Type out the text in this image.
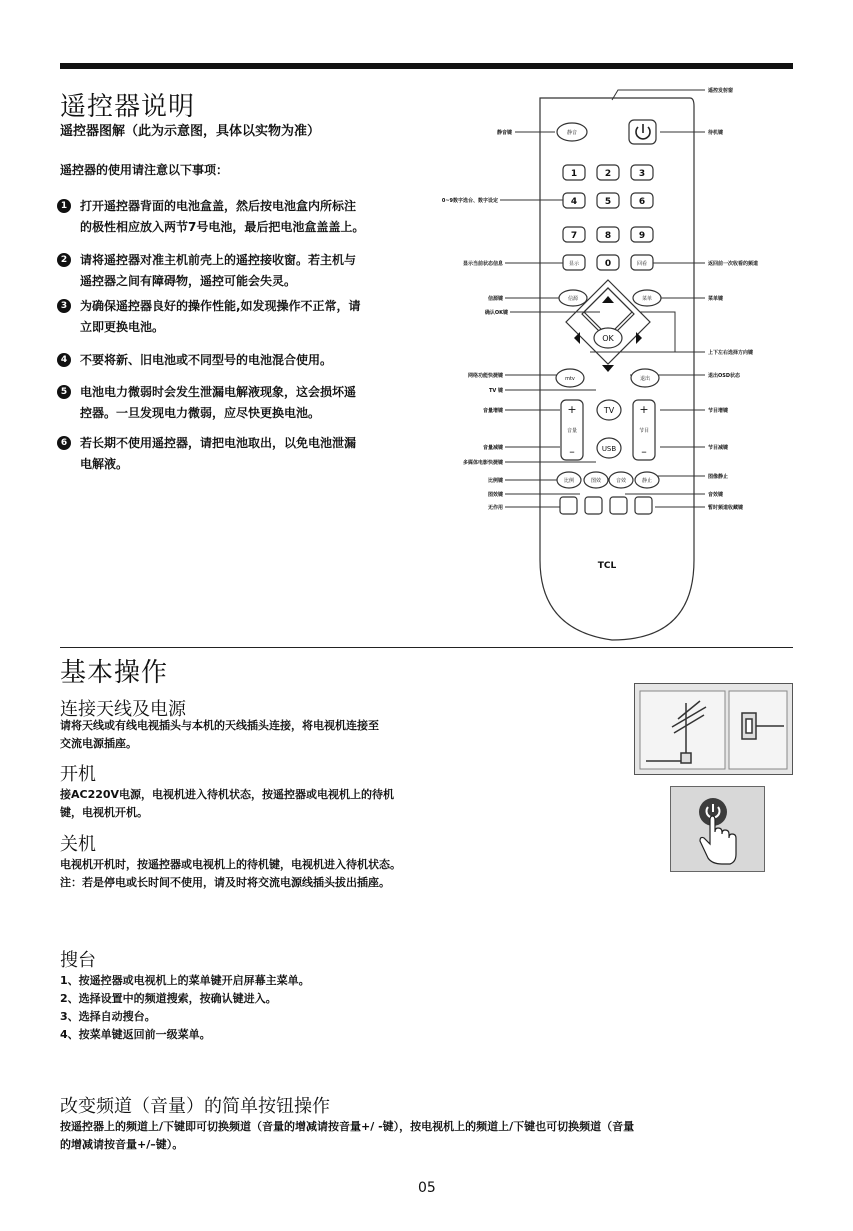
遥控器说明
遥控器图解（此为示意图，具体以实物为准）
遥控器的使用请注意以下事项：
1	打开遥控器背面的电池盒盖，然后按电池盒内所标注
的极性相应放入两节7号电池，最后把电池盒盖盖上。
2	请将遥控器对准主机前壳上的遥控接收窗。若主机与
遥控器之间有障碍物，遥控可能会失灵。
3	为确保遥控器良好的操作性能,如发现操作不正常，请
立即更换电池。
4	不要将新、旧电池或不同型号的电池混合使用。
5	电池电力微弱时会发生泄漏电解液现象，这会损坏遥
控器。一旦发现电力微弱，应尽快更换电池。
6	若长期不使用遥控器，请把电池取出，以免电池泄漏
电解液。
1	2	3
4	5	6
7	8	9
0
静音
显示	回看
信源	菜单
mtv	退出
音量	节目
比例	图效	音效	静止
OK
TV
USB
+	+
–	–
TCL
静音键
0~9数字选台、数字设定
显示当前状态信息
信源键
确认OK键
网络功能快捷键
TV 键
音量增键
音量减键
多媒体电影快捷键
比例键
图效键
无作用
遥控发射窗
待机键
返回前一次收看的频道
菜单键
上下左右选择方向键
退出OSD状态
节目增键
节目减键
图像静止
音效键
暂时频道收藏键
基本操作
连接天线及电源
请将天线或有线电视插头与本机的天线插头连接，将电视机连接至
交流电源插座。
开机
接AC220V电源，电视机进入待机状态，按遥控器或电视机上的待机
键，电视机开机。
关机
电视机开机时，按遥控器或电视机上的待机键，电视机进入待机状态。
注：若是停电或长时间不使用，请及时将交流电源线插头拔出插座。
搜台
1、按遥控器或电视机上的菜单键开启屏幕主菜单。
2、选择设置中的频道搜索，按确认键进入。
3、选择自动搜台。
4、按菜单键返回前一级菜单。
改变频道（音量）的简单按钮操作
按遥控器上的频道上/下键即可切换频道（音量的增减请按音量+/ -键），按电视机上的频道上/下键也可切换频道（音量
的增减请按音量+/–键）。
05
